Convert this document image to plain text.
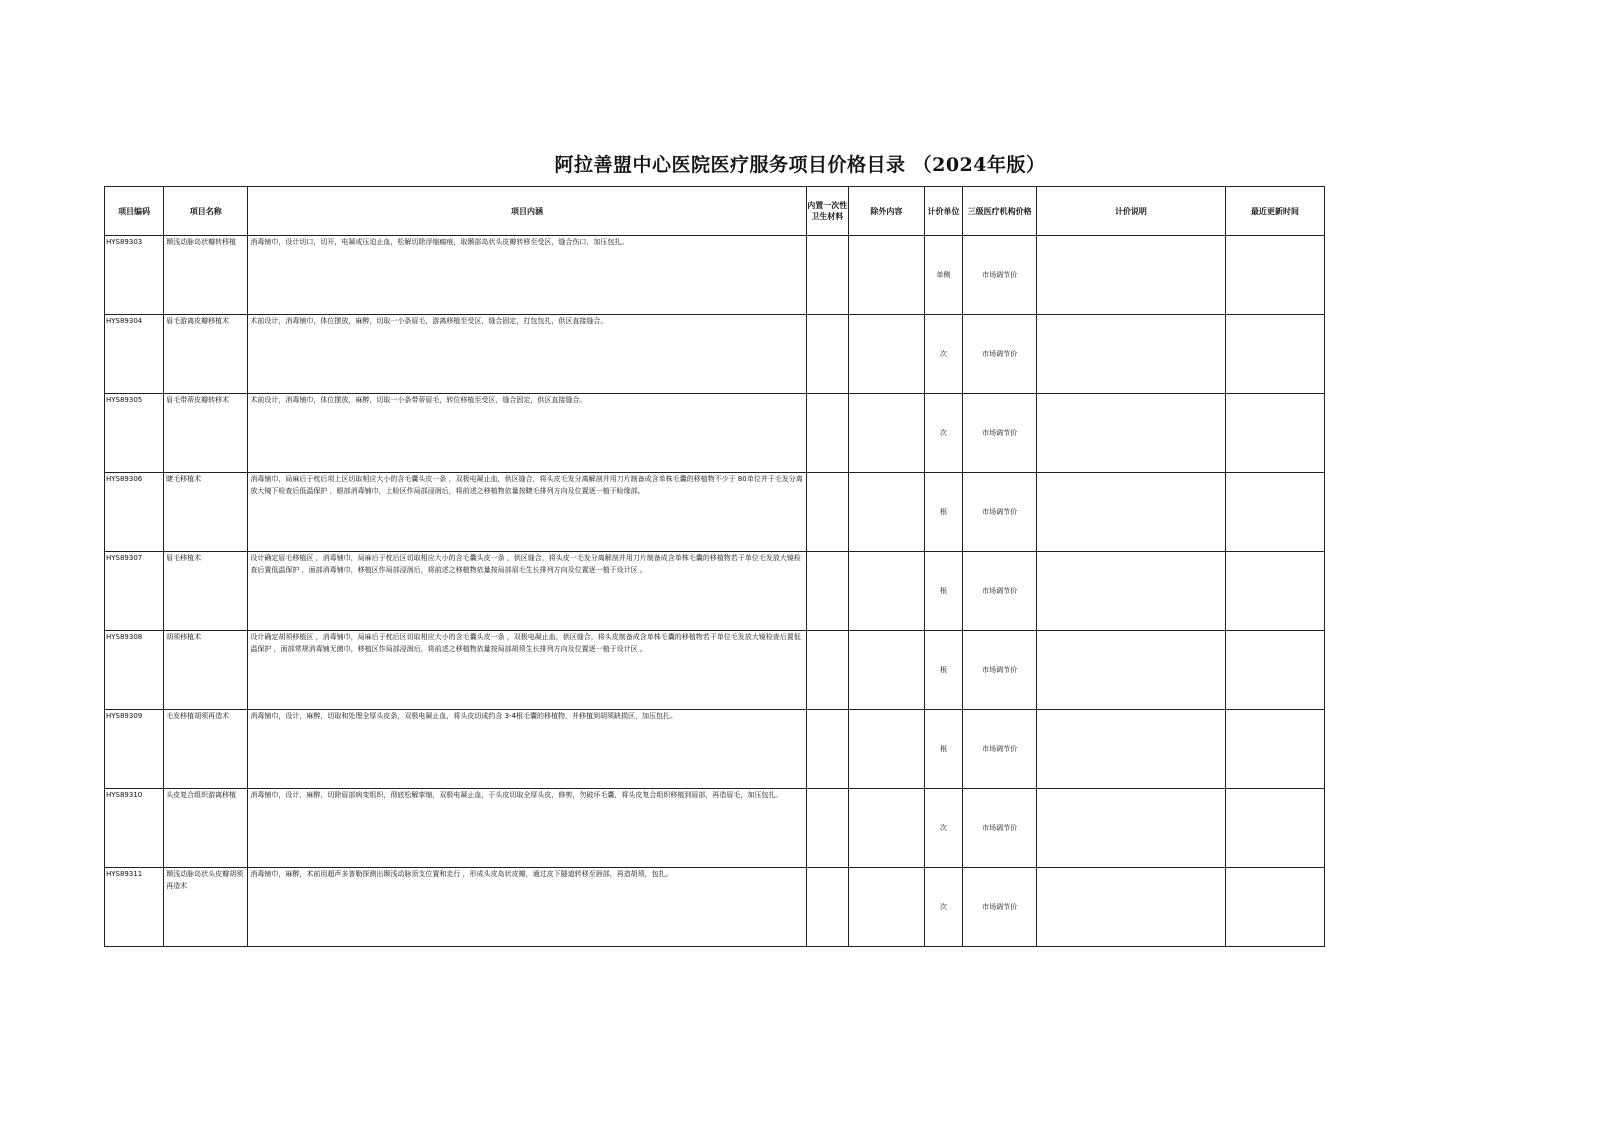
阿拉善盟中心医院医疗服务项目价格目录 （2024年版）
项目编码	项目名称	项目内涵	内置一次性卫生材料	除外内容	计价单位	三级医疗机构价格	计价说明	最近更新时间
HYS89303	颞浅动脉岛状瓣转移植	消毒铺巾，设计切口，切开，电凝或压迫止血，松解切除浮缩瘢痕，取颞部岛状头皮瓣转移至受区，缝合伤口，加压包扎。			单侧	市场调节价		
HYS89304	眉毛游离皮瓣移植术	术前设计，消毒铺巾，体位摆放，麻醉，切取一小条眉毛，游离移植至受区，缝合固定，打包包扎，供区直接缝合。			次	市场调节价		
HYS89305	眉毛带蒂皮瓣转移术	术前设计，消毒铺巾，体位摆放，麻醉，切取一小条带蒂眉毛，转位移植至受区，缝合固定，供区直接缝合。			次	市场调节价		
HYS89306	睫毛移植术	消毒铺巾，局麻后于枕后项上区切取相应大小的含毛囊头皮一条 ，双极电凝止血，供区缝合，将头皮毛发分离解剖并用刀片制备成含单株毛囊的移植物不少于 80单位并于毛发分离放大镜下检查后低温保护 ，眼部消毒铺巾，上睑区作局部浸润后，将前述之移植物依量按睫毛排列方向及位置逐一植于睑缘部。			根	市场调节价		
HYS89307	眉毛移植术	设计确定眉毛移植区 ，消毒铺巾，局麻后于枕后区切取相应大小的含毛囊头皮一条 ，供区缝合，将头皮一毛发分离解剖并用刀片制备成含单株毛囊的移植物若干单位毛发放大镜检查后置低温保护 ，面部消毒铺巾，移植区作局部浸润后，将前述之移植物依量按局部眉毛生长排列方向及位置逐一植于设计区 。			根	市场调节价		
HYS89308	胡须移植术	设计确定胡须移植区 ，消毒铺巾，局麻后于枕后区切取相应大小的含毛囊头皮一条 ，双极电凝止血，供区缝合，将头皮制备成含单株毛囊的移植物若干单位毛发放大镜检查后置低温保护 ，面部常规消毒铺无菌巾，移植区作局部浸润后，将前述之移植物依量按局部胡须生长排列方向及位置逐一植于设计区 。			根	市场调节价		
HYS89309	毛发移植胡须再造术	消毒铺巾，设计，麻醉，切取和处理全厚头皮条，双极电凝止血，将头皮切成约含 3-4根毛囊的移植物，并移植到胡须缺损区，加压包扎。			根	市场调节价		
HYS89310	头皮复合组织游离移植	消毒铺巾，设计，麻醉，切除眉部病变组织，彻底松解挛缩，双极电凝止血，于头皮切取全厚头皮，修剪，勿破坏毛囊，将头皮复合组织移植到眉部，再造眉毛，加压包扎。			次	市场调节价		
HYS89311	颞浅动脉岛状头皮瓣胡须再造术	消毒铺巾，麻醉，术前用超声多普勒探测出颞浅动脉顶支位置和走行 ，形成头皮岛状皮瓣，通过皮下隧道转移至唇部，再造胡须，包扎。			次	市场调节价		
